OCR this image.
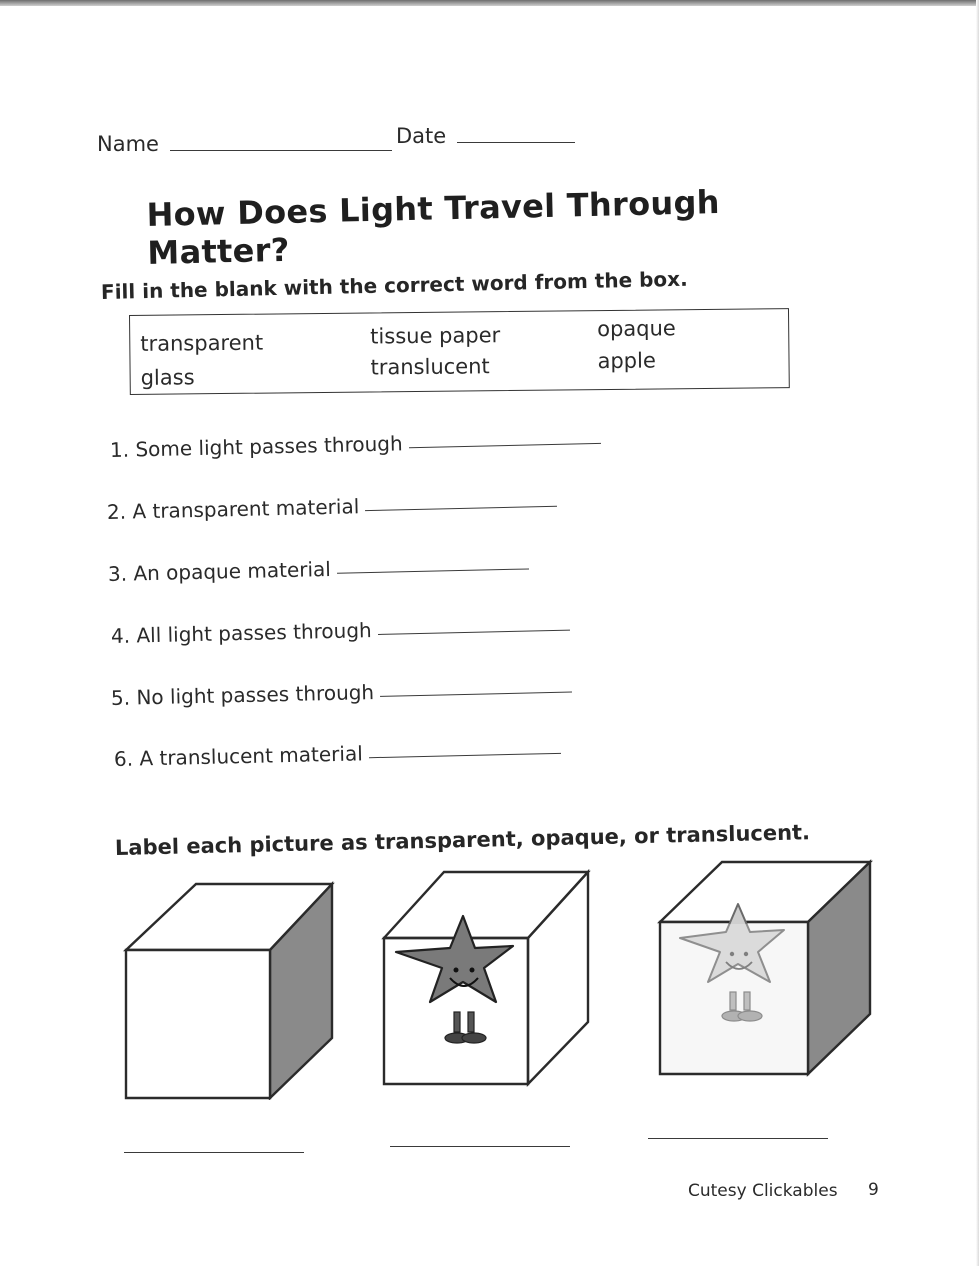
Name	Date
How Does Light Travel Through Matter?
Fill in the blank with the correct word from the box.
transparent	tissue paper	opaque
glass	translucent	apple
1. Some light passes through
2. A transparent material
3. An opaque material
4. All light passes through
5. No light passes through
6. A translucent material
Label each picture as transparent, opaque, or translucent.
Cutesy Clickables 9
